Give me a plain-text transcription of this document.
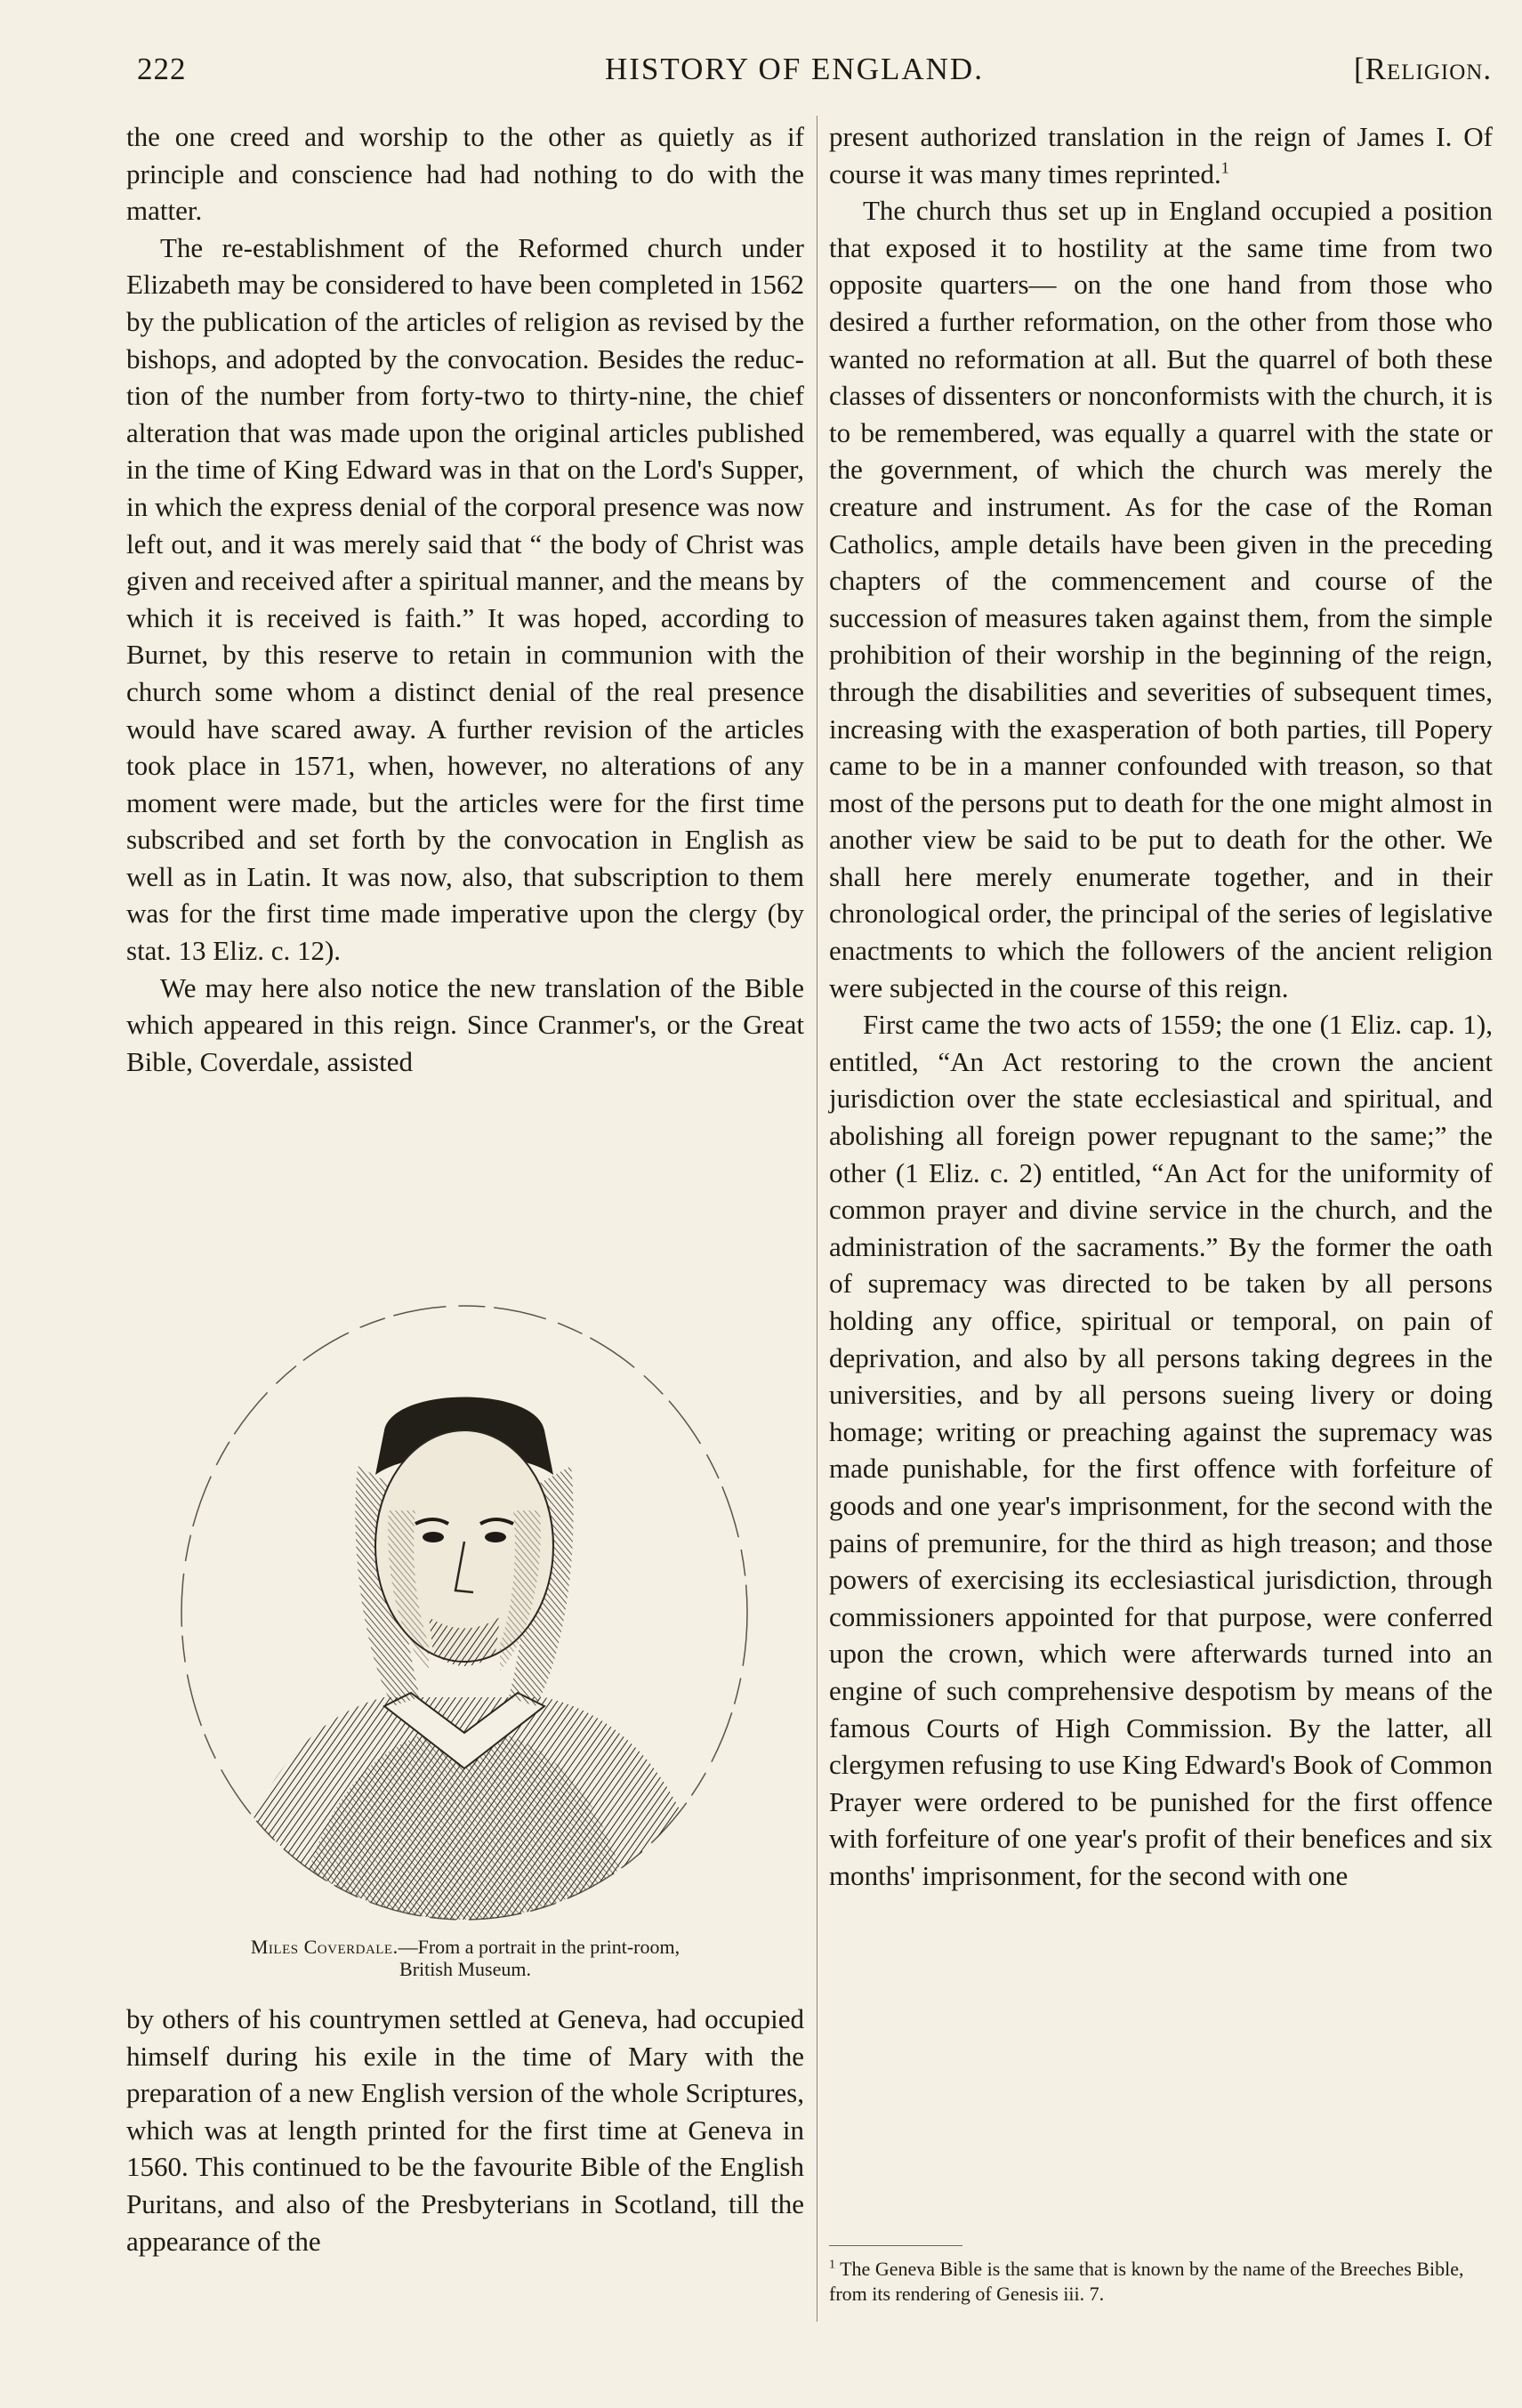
222	HISTORY OF ENGLAND.	[Religion.

the one creed and worship to the other as quietly as if principle and conscience had had nothing to do with the matter.

The re-establishment of the Reformed church under Elizabeth may be considered to have been completed in 1562 by the publication of the articles of religion as revised by the bishops, and adopted by the convocation. Besides the reduction of the number from forty-two to thirty-nine, the chief alteration that was made upon the original articles published in the time of King Edward was in that on the Lord's Supper, in which the express denial of the corporal presence was now left out, and it was merely said that “ the body of Christ was given and received after a spiritual manner, and the means by which it is received is faith.” It was hoped, according to Burnet, by this reserve to retain in communion with the church some whom a distinct denial of the real presence would have scared away. A further revision of the articles took place in 1571, when, however, no alterations of any moment were made, but the articles were for the first time subscribed and set forth by the convocation in English as well as in Latin. It was now, also, that subscription to them was for the first time made imperative upon the clergy (by stat. 13 Eliz. c. 12).

We may here also notice the new translation of the Bible which appeared in this reign. Since Cranmer's, or the Great Bible, Coverdale, assisted

Miles Coverdale.—From a portrait in the print-room,
British Museum.

by others of his countrymen settled at Geneva, had occupied himself during his exile in the time of Mary with the preparation of a new English version of the whole Scriptures, which was at length printed for the first time at Geneva in 1560. This continued to be the favourite Bible of the English Puritans, and also of the Presbyterians in Scotland, till the appearance of the

present authorized translation in the reign of James I. Of course it was many times reprinted.$^1$

The church thus set up in England occupied a position that exposed it to hostility at the same time from two opposite quarters— on the one hand from those who desired a further reformation, on the other from those who wanted no reformation at all. But the quarrel of both these classes of dissenters or nonconformists with the church, it is to be remembered, was equally a quarrel with the state or the government, of which the church was merely the creature and instrument. As for the case of the Roman Catholics, ample details have been given in the preceding chapters of the commencement and course of the succession of measures taken against them, from the simple prohibition of their worship in the beginning of the reign, through the disabilities and severities of subsequent times, increasing with the exasperation of both parties, till Popery came to be in a manner confounded with treason, so that most of the persons put to death for the one might almost in another view be said to be put to death for the other. We shall here merely enumerate together, and in their chronological order, the principal of the series of legislative enactments to which the followers of the ancient religion were subjected in the course of this reign.

First came the two acts of 1559; the one (1 Eliz. cap. 1), entitled, “An Act restoring to the crown the ancient jurisdiction over the state ecclesiastical and spiritual, and abolishing all foreign power repugnant to the same;” the other (1 Eliz. c. 2) entitled, “An Act for the uniformity of common prayer and divine service in the church, and the administration of the sacraments.” By the former the oath of supremacy was directed to be taken by all persons holding any office, spiritual or temporal, on pain of deprivation, and also by all persons taking degrees in the universities, and by all persons sueing livery or doing homage; writing or preaching against the supremacy was made punishable, for the first offence with forfeiture of goods and one year's imprisonment, for the second with the pains of premunire, for the third as high treason; and those powers of exercising its ecclesiastical jurisdiction, through commissioners appointed for that purpose, were conferred upon the crown, which were afterwards turned into an engine of such comprehensive despotism by means of the famous Courts of High Commission. By the latter, all clergymen refusing to use King Edward's Book of Common Prayer were ordered to be punished for the first offence with forfeiture of one year's profit of their benefices and six months' imprisonment, for the second with one

$^1$ The Geneva Bible is the same that is known by the name of the Breeches Bible, from its rendering of Genesis iii. 7.
